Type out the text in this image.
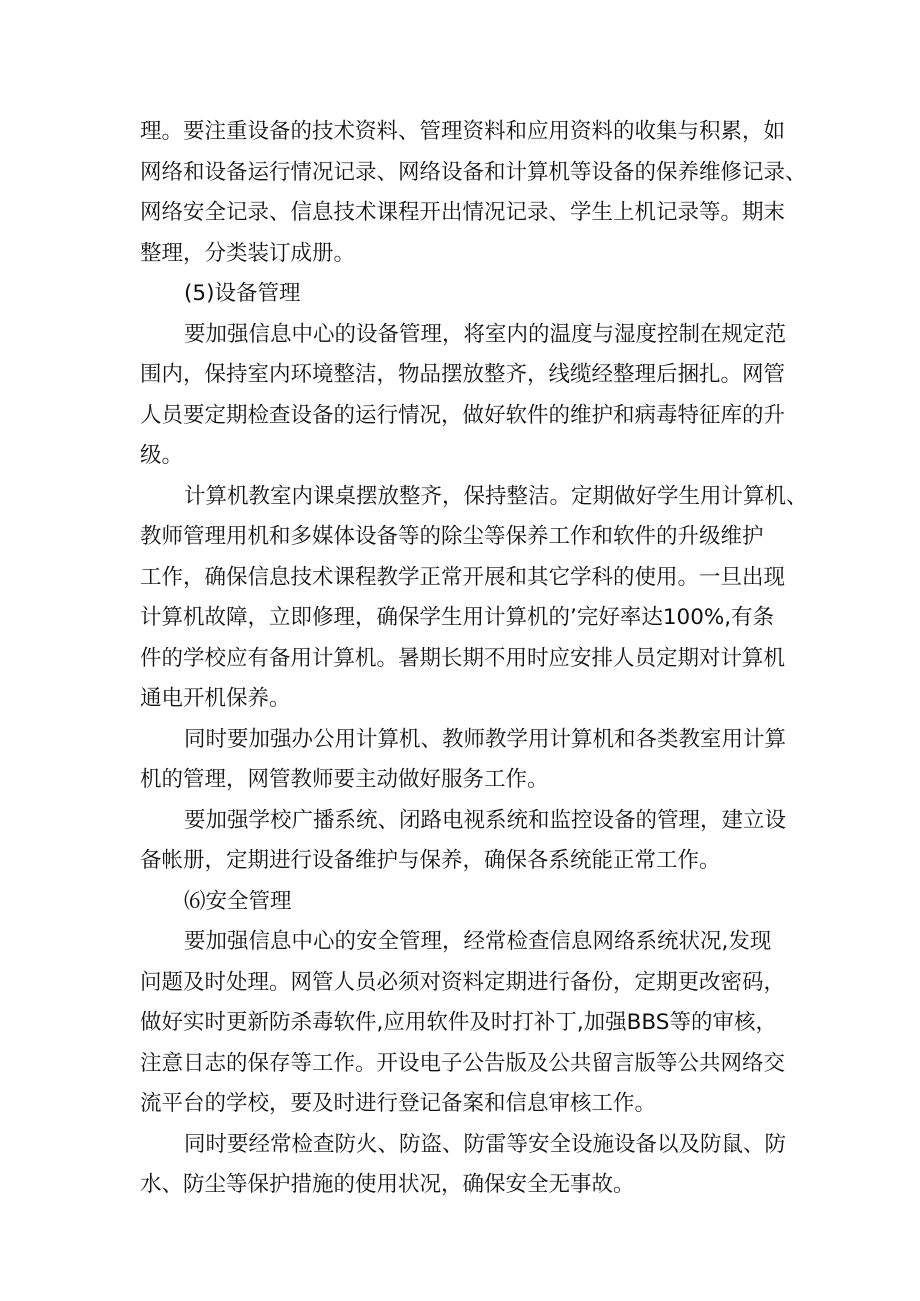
理。要注重设备的技术资料、管理资料和应用资料的收集与积累，如
网络和设备运行情况记录、网络设备和计算机等设备的保养维修记录、
网络安全记录、信息技术课程开出情况记录、学生上机记录等。期末
整理，分类装订成册。
(5)设备管理
要加强信息中心的设备管理，将室内的温度与湿度控制在规定范
围内，保持室内环境整洁，物品摆放整齐，线缆经整理后捆扎。网管
人员要定期检查设备的运行情况，做好软件的维护和病毒特征库的升
级。
计算机教室内课桌摆放整齐，保持整洁。定期做好学生用计算机、
教师管理用机和多媒体设备等的除尘等保养工作和软件的升级维护
工作，确保信息技术课程教学正常开展和其它学科的使用。一旦出现
计算机故障，立即修理，确保学生用计算机的’完好率达100%,有条
件的学校应有备用计算机。暑期长期不用时应安排人员定期对计算机
通电开机保养。
同时要加强办公用计算机、教师教学用计算机和各类教室用计算
机的管理，网管教师要主动做好服务工作。
要加强学校广播系统、闭路电视系统和监控设备的管理，建立设
备帐册，定期进行设备维护与保养，确保各系统能正常工作。
⑹安全管理
要加强信息中心的安全管理，经常检查信息网络系统状况,发现
问题及时处理。网管人员必须对资料定期进行备份，定期更改密码，
做好实时更新防杀毒软件,应用软件及时打补丁,加强BBS等的审核，
注意日志的保存等工作。开设电子公告版及公共留言版等公共网络交
流平台的学校，要及时进行登记备案和信息审核工作。
同时要经常检查防火、防盗、防雷等安全设施设备以及防鼠、防
水、防尘等保护措施的使用状况，确保安全无事故。
